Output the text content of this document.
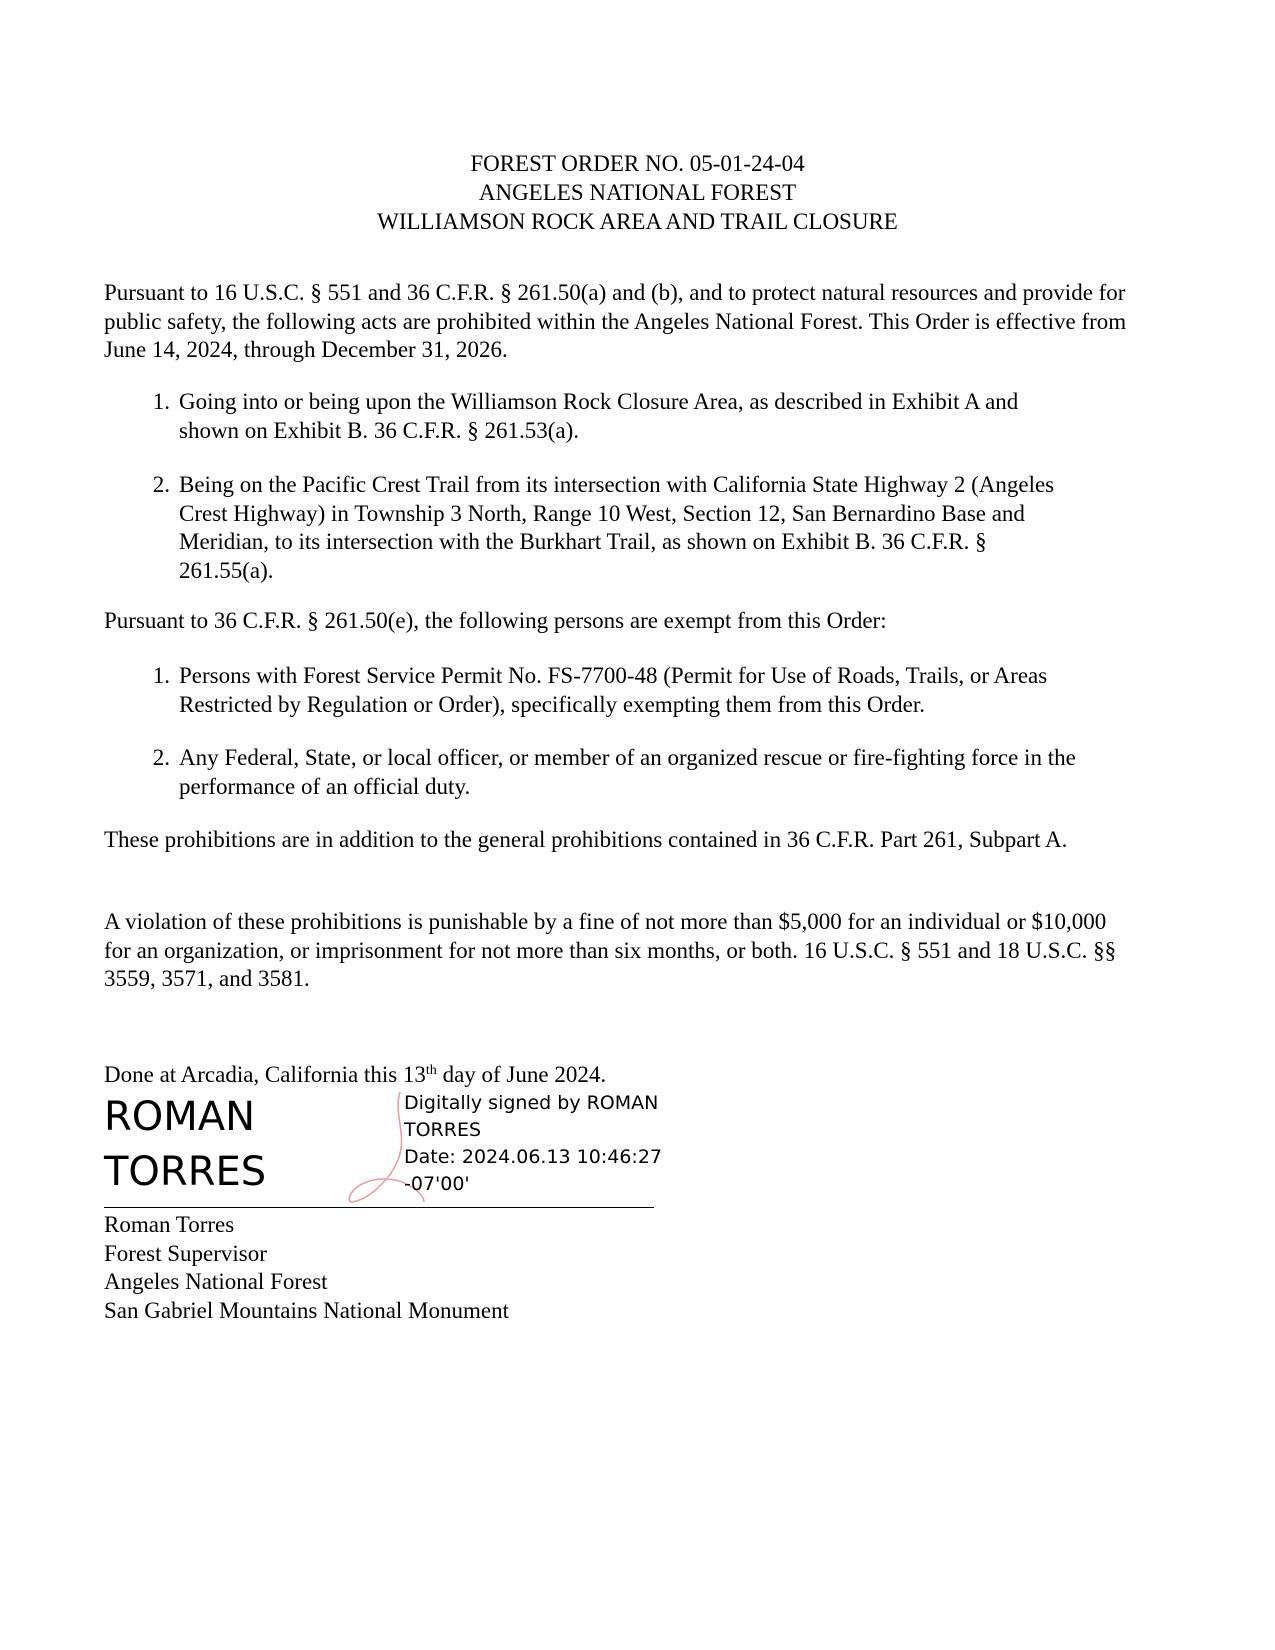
FOREST ORDER NO. 05-01-24-04
ANGELES NATIONAL FOREST
WILLIAMSON ROCK AREA AND TRAIL CLOSURE
Pursuant to 16 U.S.C. § 551 and 36 C.F.R. § 261.50(a) and (b), and to protect natural resources and provide for public safety, the following acts are prohibited within the Angeles National Forest. This Order is effective from June 14, 2024, through December 31, 2026.
1. Going into or being upon the Williamson Rock Closure Area, as described in Exhibit A and shown on Exhibit B. 36 C.F.R. § 261.53(a).
2. Being on the Pacific Crest Trail from its intersection with California State Highway 2 (Angeles Crest Highway) in Township 3 North, Range 10 West, Section 12, San Bernardino Base and Meridian, to its intersection with the Burkhart Trail, as shown on Exhibit B. 36 C.F.R. § 261.55(a).
Pursuant to 36 C.F.R. § 261.50(e), the following persons are exempt from this Order:
1. Persons with Forest Service Permit No. FS-7700-48 (Permit for Use of Roads, Trails, or Areas Restricted by Regulation or Order), specifically exempting them from this Order.
2. Any Federal, State, or local officer, or member of an organized rescue or fire-fighting force in the performance of an official duty.
These prohibitions are in addition to the general prohibitions contained in 36 C.F.R. Part 261, Subpart A.
A violation of these prohibitions is punishable by a fine of not more than $5,000 for an individual or $10,000 for an organization, or imprisonment for not more than six months, or both. 16 U.S.C. § 551 and 18 U.S.C. §§ 3559, 3571, and 3581.
Done at Arcadia, California this 13th day of June 2024.
ROMAN
TORRES
Digitally signed by ROMAN
TORRES
Date: 2024.06.13 10:46:27
-07'00'
Roman Torres
Forest Supervisor
Angeles National Forest
San Gabriel Mountains National Monument
